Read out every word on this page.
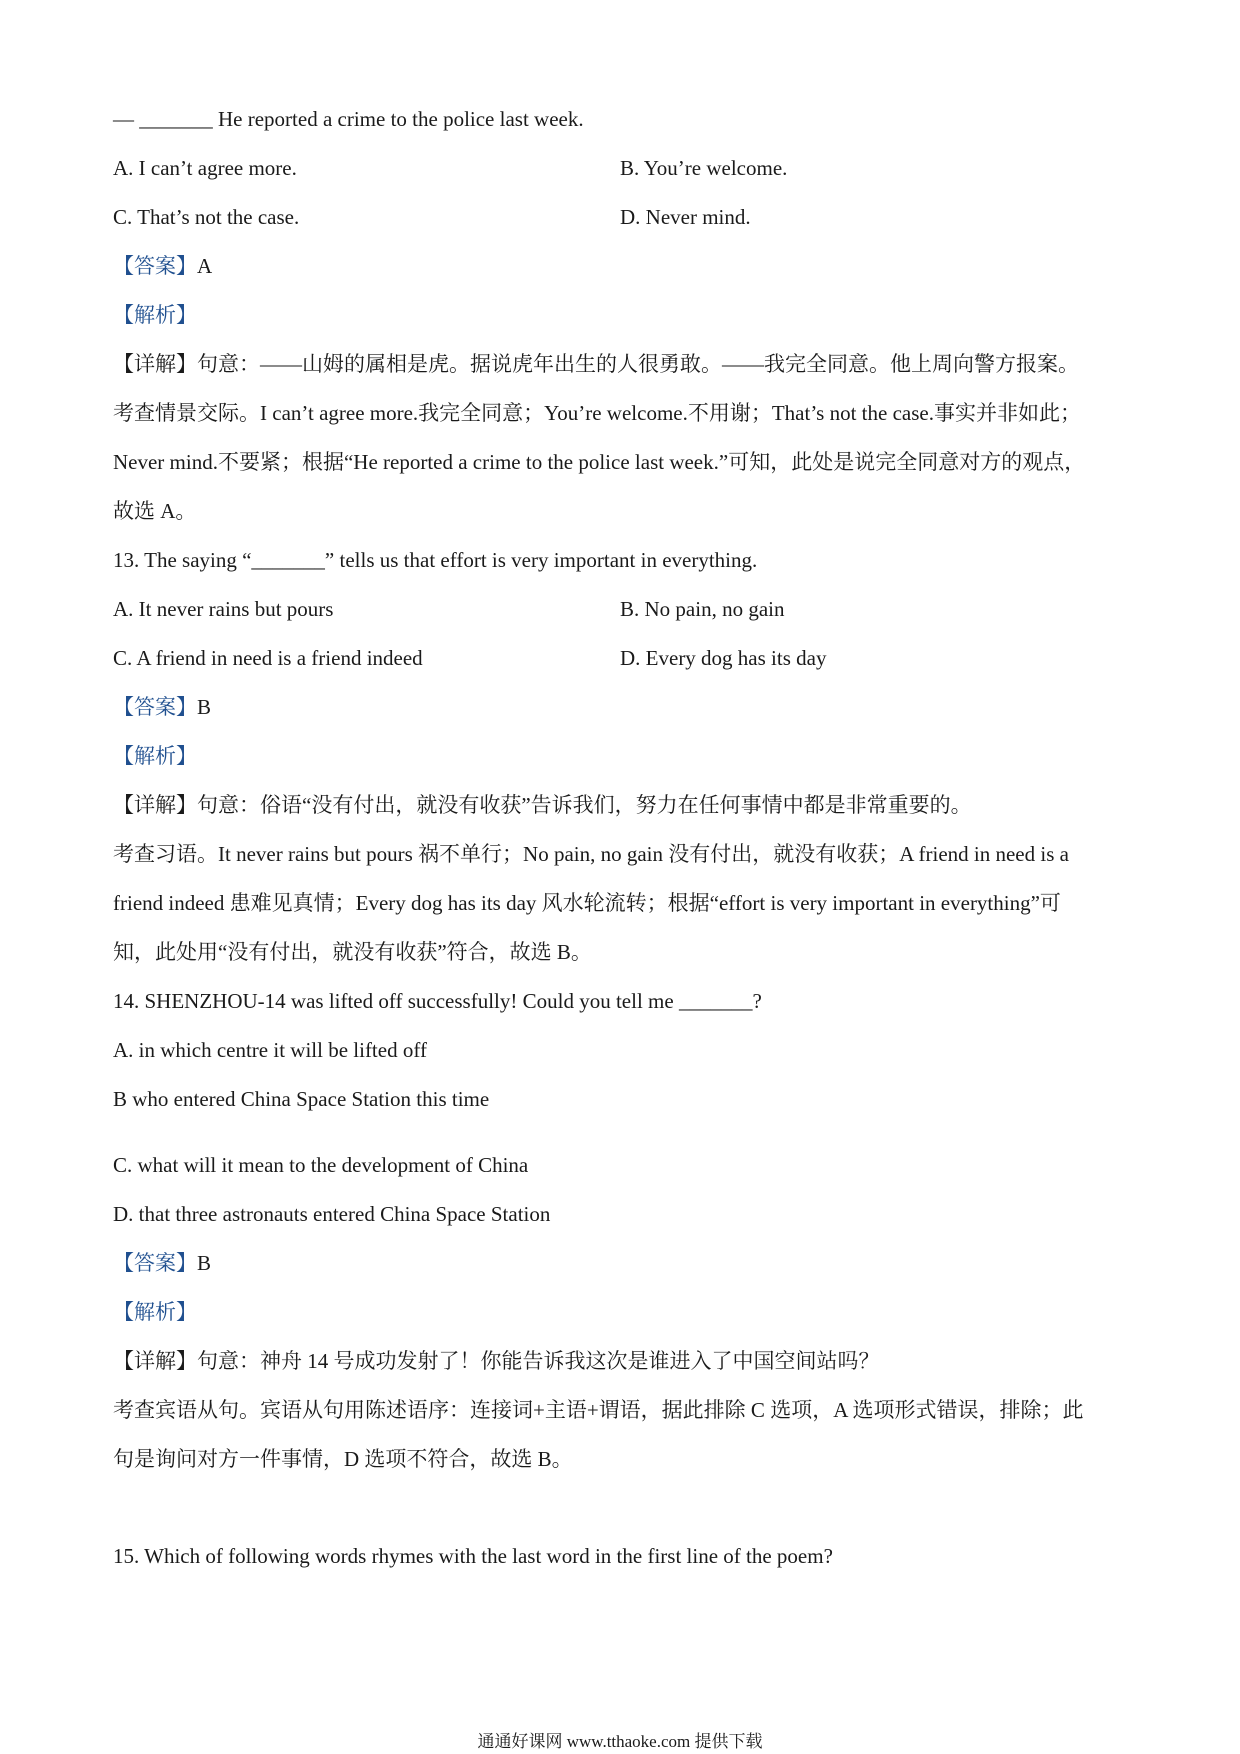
— _______ He reported a crime to the police last week.
A. I can’t agree more.	B. You’re welcome.
C. That’s not the case.	D. Never mind.
【答案】A
【解析】
【详解】句意：——山姆的属相是虎。据说虎年出生的人很勇敢。——我完全同意。他上周向警方报案。
考查情景交际。I can’t agree more.我完全同意；You’re welcome.不用谢；That’s not the case.事实并非如此；
Never mind.不要紧；根据“He reported a crime to the police last week.”可知，此处是说完全同意对方的观点，
故选 A。
13. The saying “_______” tells us that effort is very important in everything.
A. It never rains but pours	B. No pain, no gain
C. A friend in need is a friend indeed	D. Every dog has its day
【答案】B
【解析】
【详解】句意：俗语“没有付出，就没有收获”告诉我们，努力在任何事情中都是非常重要的。
考查习语。It never rains but pours 祸不单行；No pain, no gain 没有付出，就没有收获；A friend in need is a
friend indeed 患难见真情；Every dog has its day 风水轮流转；根据“effort is very important in everything”可
知，此处用“没有付出，就没有收获”符合，故选 B。
14. SHENZHOU-14 was lifted off successfully! Could you tell me _______?
A. in which centre it will be lifted off
B who entered China Space Station this time
C. what will it mean to the development of China
D. that three astronauts entered China Space Station
【答案】B
【解析】
【详解】句意：神舟 14 号成功发射了！你能告诉我这次是谁进入了中国空间站吗？
考查宾语从句。宾语从句用陈述语序：连接词+主语+谓语，据此排除 C 选项，A 选项形式错误，排除；此
句是询问对方一件事情，D 选项不符合，故选 B。
15. Which of following words rhymes with the last word in the first line of the poem?
通通好课网 www.tthaoke.com 提供下载
